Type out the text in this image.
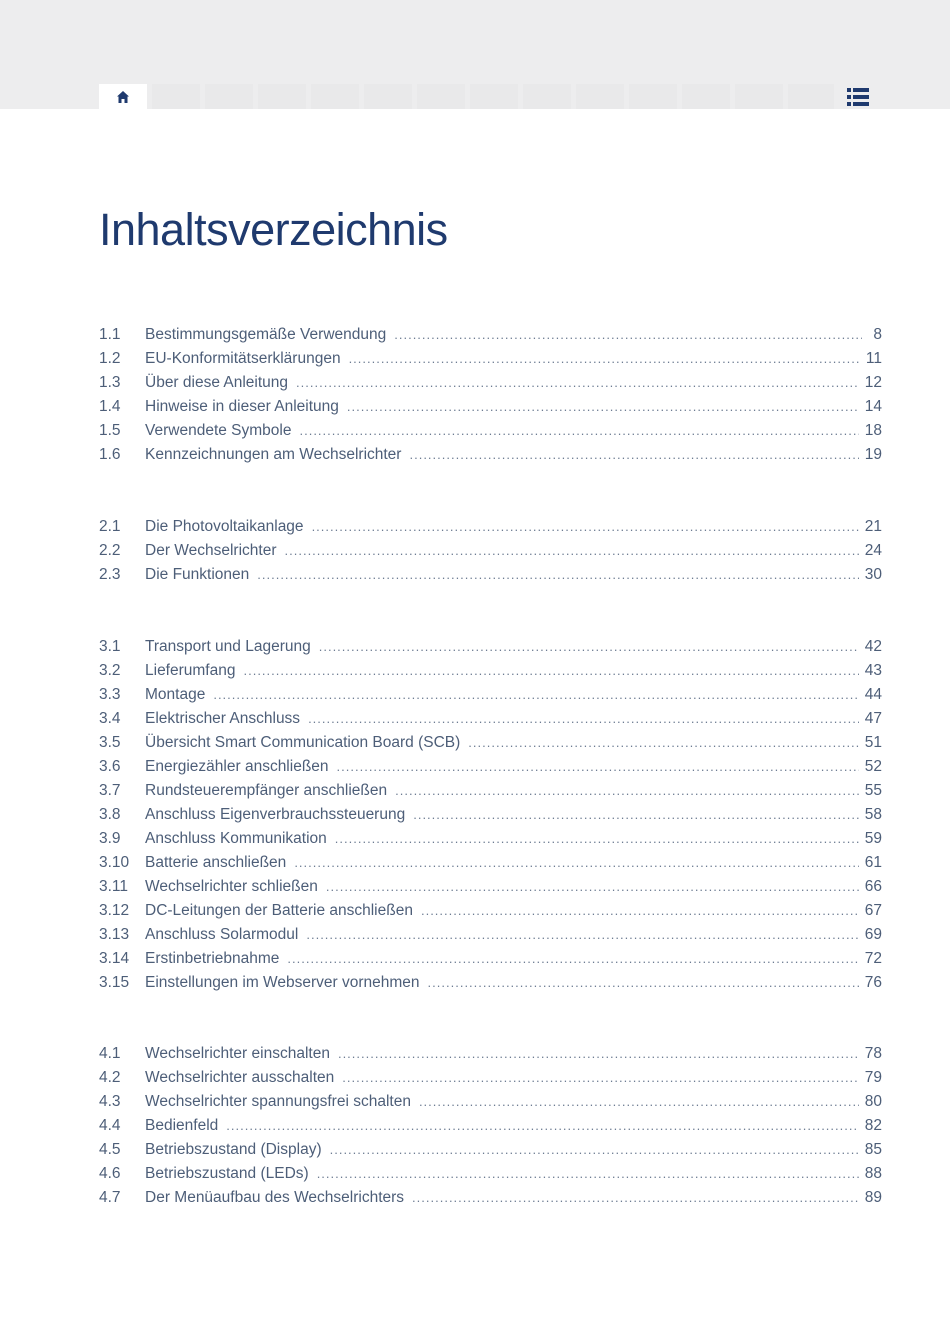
Inhaltsverzeichnis
1.1	Bestimmungsgemäße Verwendung .....	8
1.2	EU-Konformitätserklärungen .....	11
1.3	Über diese Anleitung .....	12
1.4	Hinweise in dieser Anleitung .....	14
1.5	Verwendete Symbole .....	18
1.6	Kennzeichnungen am Wechselrichter .....	19
2.1	Die Photovoltaikanlage .....	21
2.2	Der Wechselrichter .....	24
2.3	Die Funktionen .....	30
3.1	Transport und Lagerung .....	42
3.2	Lieferumfang .....	43
3.3	Montage .....	44
3.4	Elektrischer Anschluss .....	47
3.5	Übersicht Smart Communication Board (SCB) .....	51
3.6	Energiezähler anschließen .....	52
3.7	Rundsteuerempfänger anschließen .....	55
3.8	Anschluss Eigenverbrauchssteuerung .....	58
3.9	Anschluss Kommunikation .....	59
3.10	Batterie anschließen .....	61
3.11	Wechselrichter schließen .....	66
3.12	DC-Leitungen der Batterie anschließen .....	67
3.13	Anschluss Solarmodul .....	69
3.14	Erstinbetriebnahme .....	72
3.15	Einstellungen im Webserver vornehmen .....	76
4.1	Wechselrichter einschalten .....	78
4.2	Wechselrichter ausschalten .....	79
4.3	Wechselrichter spannungsfrei schalten .....	80
4.4	Bedienfeld .....	82
4.5	Betriebszustand (Display) .....	85
4.6	Betriebszustand (LEDs) .....	88
4.7	Der Menüaufbau des Wechselrichters .....	89
